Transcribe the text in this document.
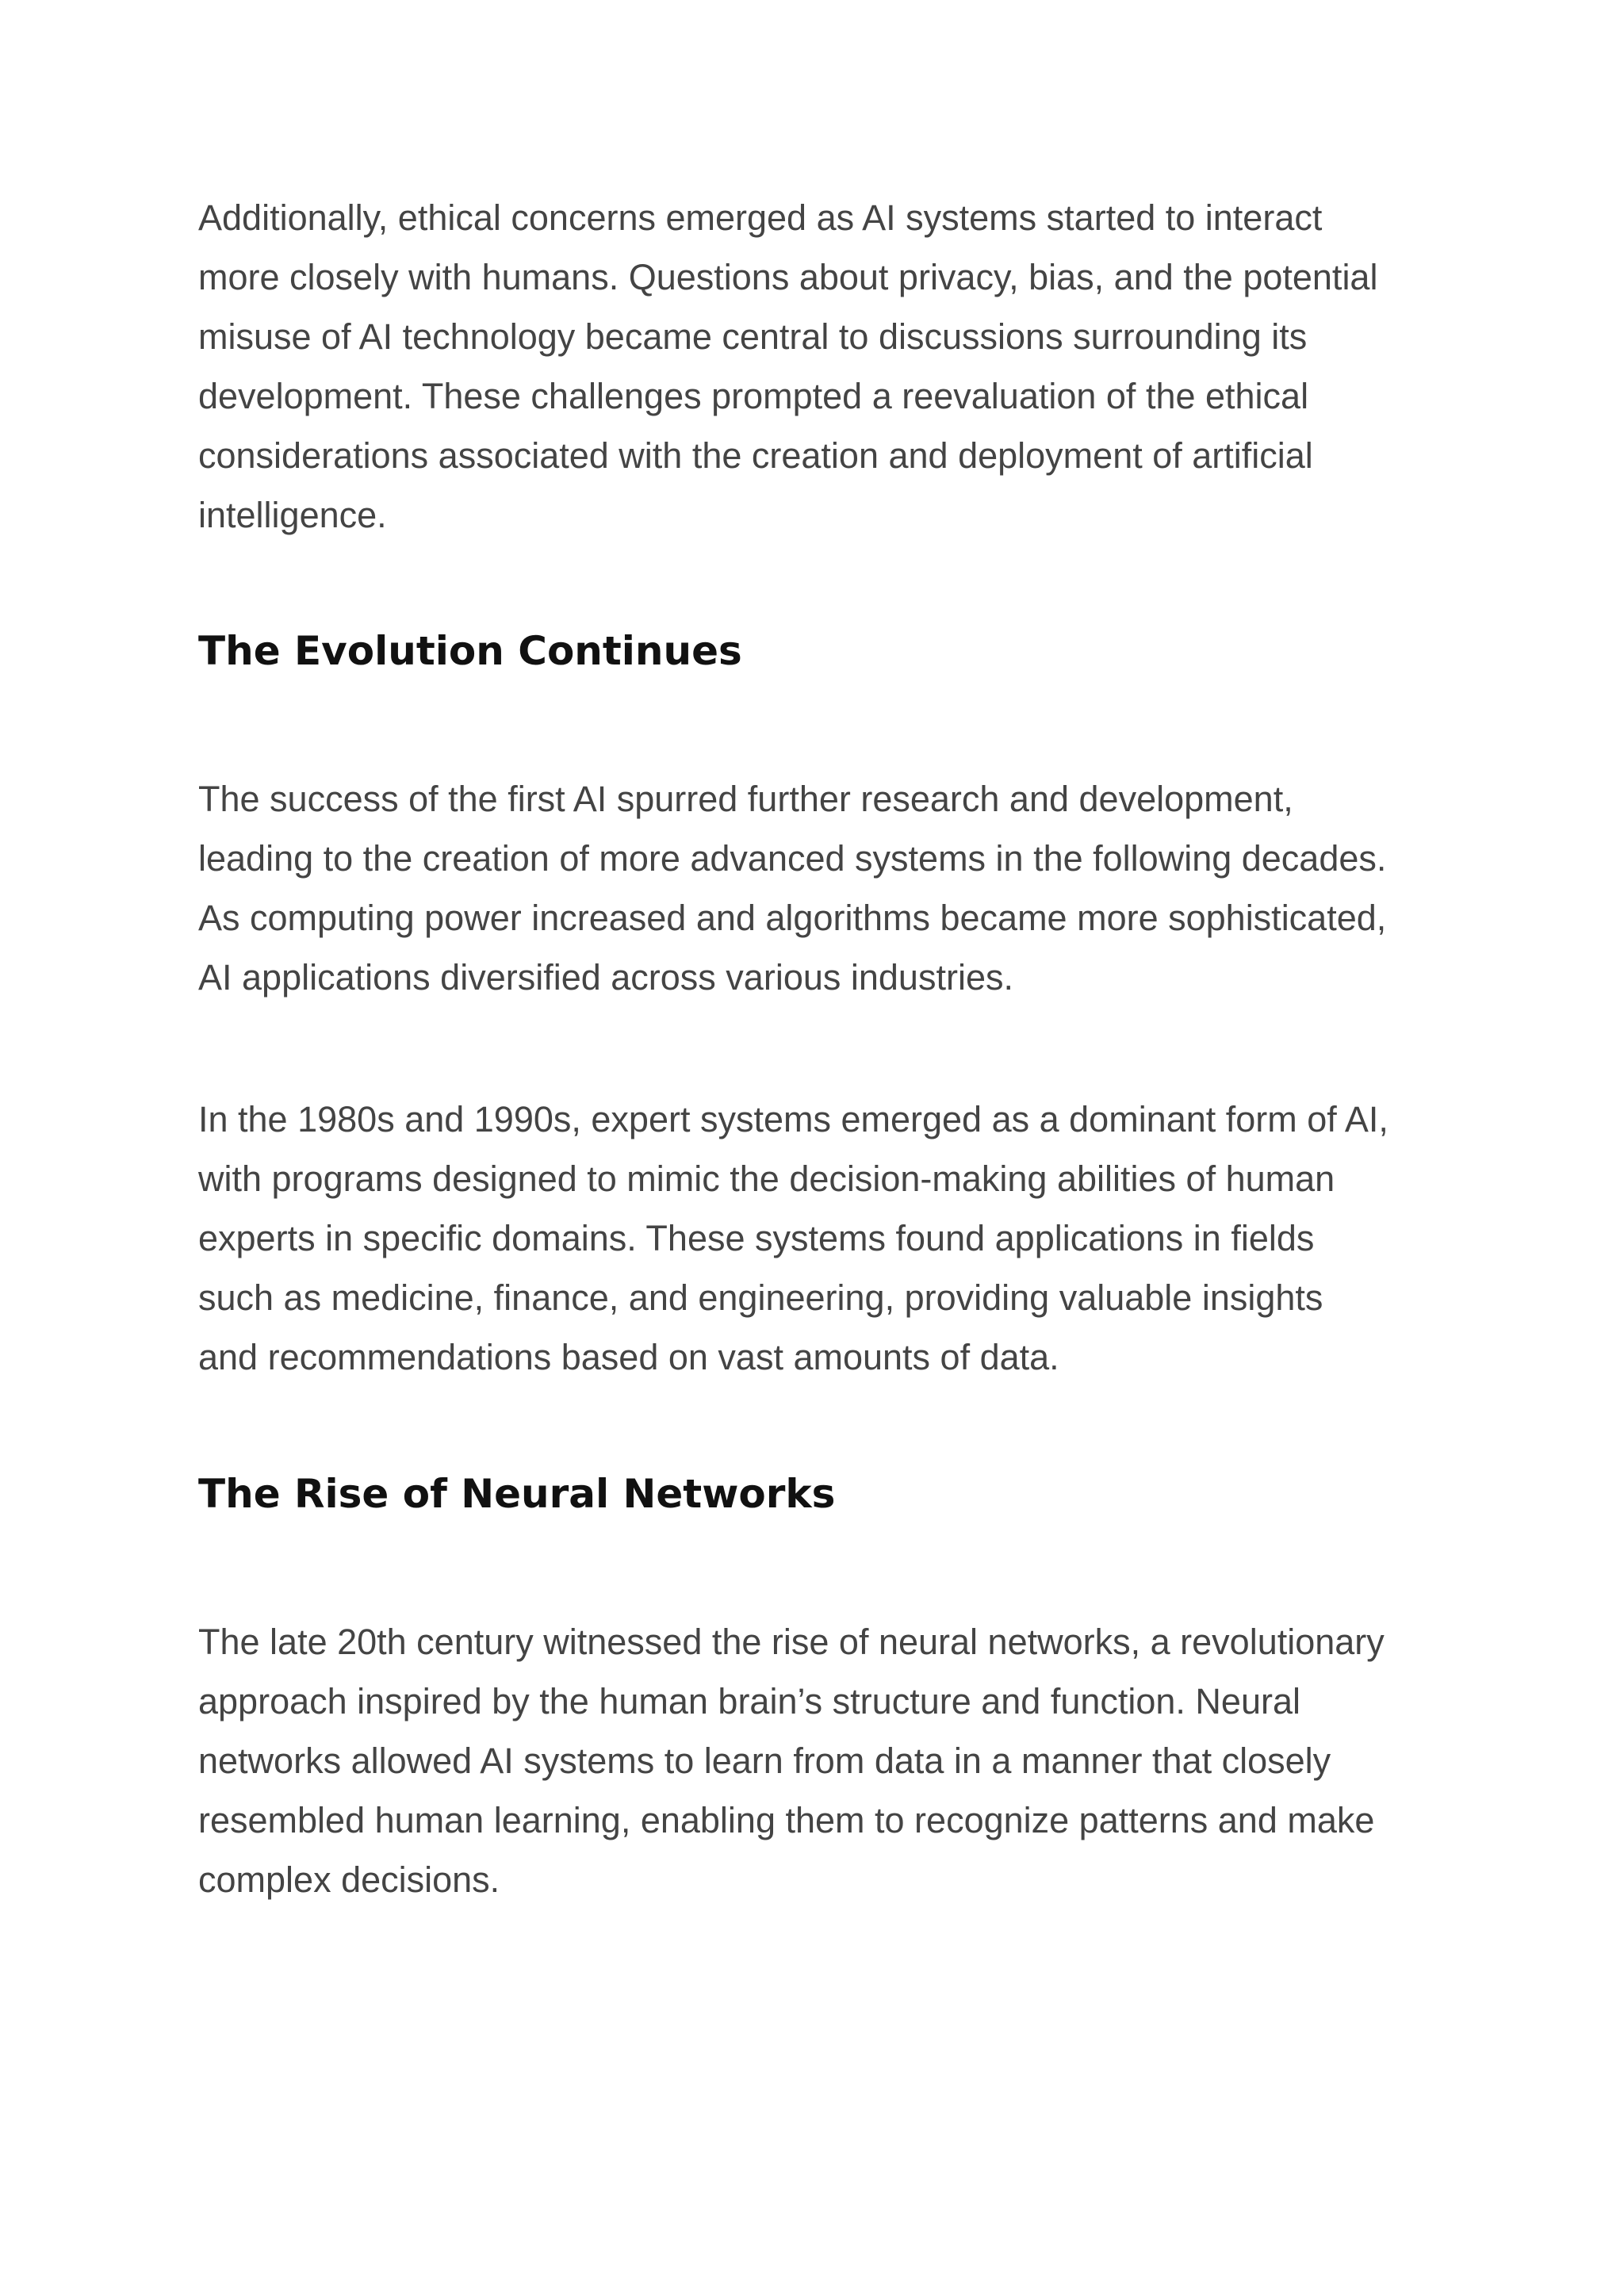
Additionally, ethical concerns emerged as AI systems started to interact
more closely with humans. Questions about privacy, bias, and the potential
misuse of AI technology became central to discussions surrounding its
development. These challenges prompted a reevaluation of the ethical
considerations associated with the creation and deployment of artificial
intelligence.

The Evolution Continues

The success of the first AI spurred further research and development,
leading to the creation of more advanced systems in the following decades.
As computing power increased and algorithms became more sophisticated,
AI applications diversified across various industries.

In the 1980s and 1990s, expert systems emerged as a dominant form of AI,
with programs designed to mimic the decision-making abilities of human
experts in specific domains. These systems found applications in fields
such as medicine, finance, and engineering, providing valuable insights
and recommendations based on vast amounts of data.

The Rise of Neural Networks

The late 20th century witnessed the rise of neural networks, a revolutionary
approach inspired by the human brain’s structure and function. Neural
networks allowed AI systems to learn from data in a manner that closely
resembled human learning, enabling them to recognize patterns and make
complex decisions.
